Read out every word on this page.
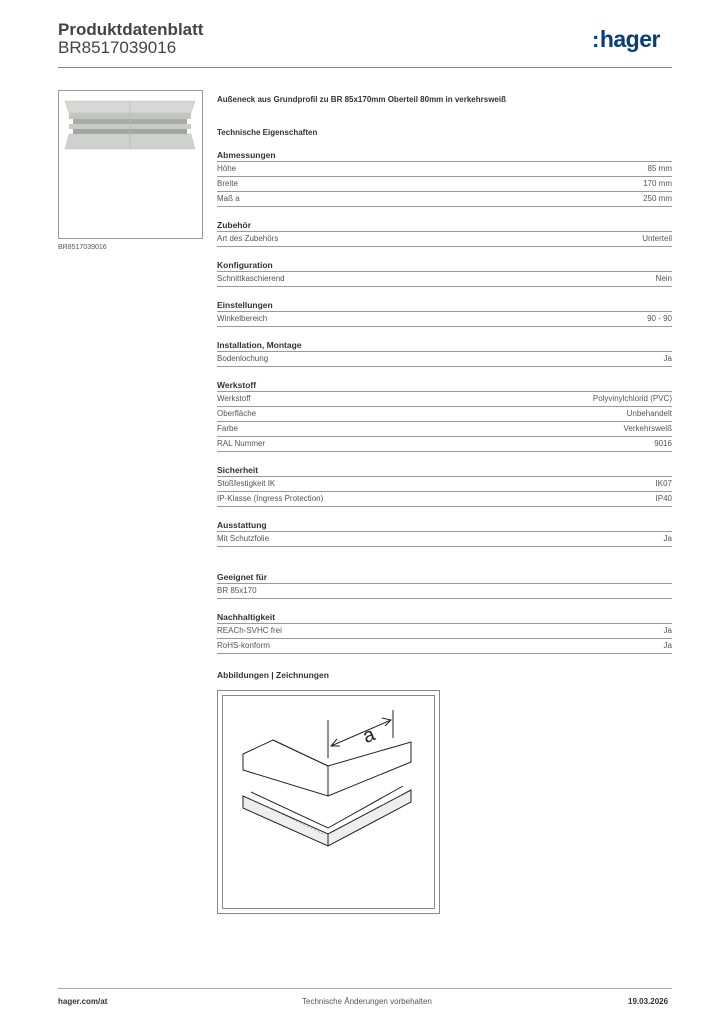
Produktdatenblatt
BR8517039016	:hager
BR8517039016
Außeneck aus Grundprofil zu BR 85x170mm Oberteil 80mm in verkehrsweiß
Technische Eigenschaften
Abmessungen
Höhe	85 mm
Breite	170 mm
Maß a	250 mm
Zubehör
Art des Zubehörs	Unterteil
Konfiguration
Schnittkaschierend	Nein
Einstellungen
Winkelbereich	90 - 90
Installation, Montage
Bodenlochung	Ja
Werkstoff
Werkstoff	Polyvinylchlorid (PVC)
Oberfläche	Unbehandelt
Farbe	Verkehrsweiß
RAL Nummer	9016
Sicherheit
Stoßfestigkeit IK	IK07
IP-Klasse (Ingress Protection)	IP40
Ausstattung
Mit Schutzfolie	Ja
Geeignet für
BR 85x170
Nachhaltigkeit
REACh-SVHC frei	Ja
RoHS-konform	Ja
Abbildungen | Zeichnungen
a
hager.com/at	Technische Änderungen vorbehalten	19.03.2026
